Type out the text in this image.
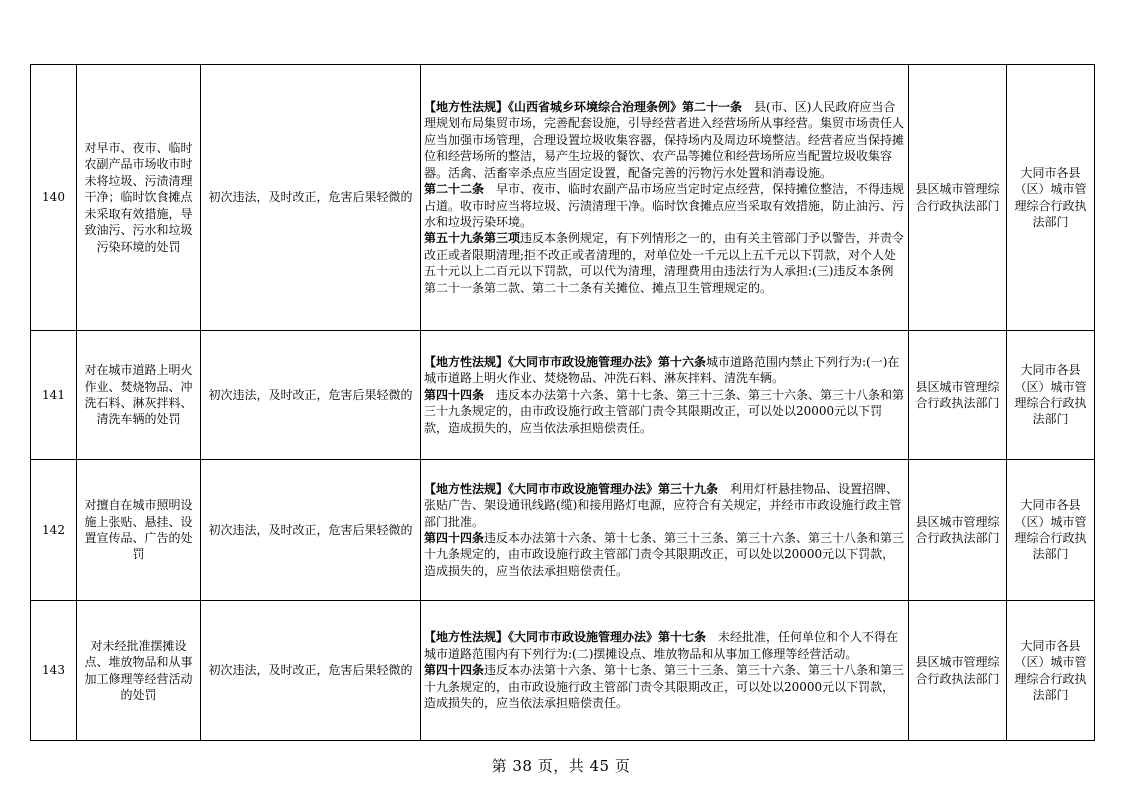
140	对早市、夜市、临时农副产品市场收市时未将垃圾、污渍清理干净；临时饮食摊点未采取有效措施，导致油污、污水和垃圾污染环境的处罚	初次违法，及时改正，危害后果轻微的	【地方性法规】《山西省城乡环境综合治理条例》第二十一条　县(市、区)人民政府应当合理规划布局集贸市场，完善配套设施，引导经营者进入经营场所从事经营。集贸市场责任人应当加强市场管理，合理设置垃圾收集容器，保持场内及周边环境整洁。经营者应当保持摊位和经营场所的整洁，易产生垃圾的餐饮、农产品等摊位和经营场所应当配置垃圾收集容器。活禽、活畜宰杀点应当固定设置，配备完善的污物污水处置和消毒设施。
第二十二条　早市、夜市、临时农副产品市场应当定时定点经营，保持摊位整洁，不得违规占道。收市时应当将垃圾、污渍清理干净。临时饮食摊点应当采取有效措施，防止油污、污水和垃圾污染环境。
第五十九条第三项违反本条例规定，有下列情形之一的，由有关主管部门予以警告，并责令改正或者限期清理;拒不改正或者清理的，对单位处一千元以上五千元以下罚款，对个人处五十元以上二百元以下罚款，可以代为清理，清理费用由违法行为人承担:(三)违反本条例第二十一条第二款、第二十二条有关摊位、摊点卫生管理规定的。	县区城市管理综合行政执法部门	大同市各县（区）城市管理综合行政执法部门
141	对在城市道路上明火作业、焚烧物品、冲洗石料、淋灰拌料、清洗车辆的处罚	初次违法，及时改正，危害后果轻微的	【地方性法规】《大同市市政设施管理办法》第十六条城市道路范围内禁止下列行为:(一)在城市道路上明火作业、焚烧物品、冲洗石料、淋灰拌料、清洗车辆。
第四十四条　违反本办法第十六条、第十七条、第三十三条、第三十六条、第三十八条和第三十九条规定的，由市政设施行政主管部门责令其限期改正，可以处以20000元以下罚款，造成损失的，应当依法承担赔偿责任。	县区城市管理综合行政执法部门	大同市各县（区）城市管理综合行政执法部门
142	对擅自在城市照明设施上张贴、悬挂、设置宣传品、广告的处罚	初次违法，及时改正，危害后果轻微的	【地方性法规】《大同市市政设施管理办法》第三十九条　利用灯杆悬挂物品、设置招牌、张贴广告、架设通讯线路(缆)和接用路灯电源，应符合有关规定，并经市市政设施行政主管部门批准。
第四十四条违反本办法第十六条、第十七条、第三十三条、第三十六条、第三十八条和第三十九条规定的，由市政设施行政主管部门责令其限期改正，可以处以20000元以下罚款，造成损失的，应当依法承担赔偿责任。	县区城市管理综合行政执法部门	大同市各县（区）城市管理综合行政执法部门
143	对未经批准摆摊设点、堆放物品和从事加工修理等经营活动的处罚	初次违法，及时改正，危害后果轻微的	【地方性法规】《大同市市政设施管理办法》第十七条　未经批准，任何单位和个人不得在城市道路范围内有下列行为:(二)摆摊设点、堆放物品和从事加工修理等经营活动。
第四十四条违反本办法第十六条、第十七条、第三十三条、第三十六条、第三十八条和第三十九条规定的，由市政设施行政主管部门责令其限期改正，可以处以20000元以下罚款，造成损失的，应当依法承担赔偿责任。	县区城市管理综合行政执法部门	大同市各县（区）城市管理综合行政执法部门
第 38 页，共 45 页
